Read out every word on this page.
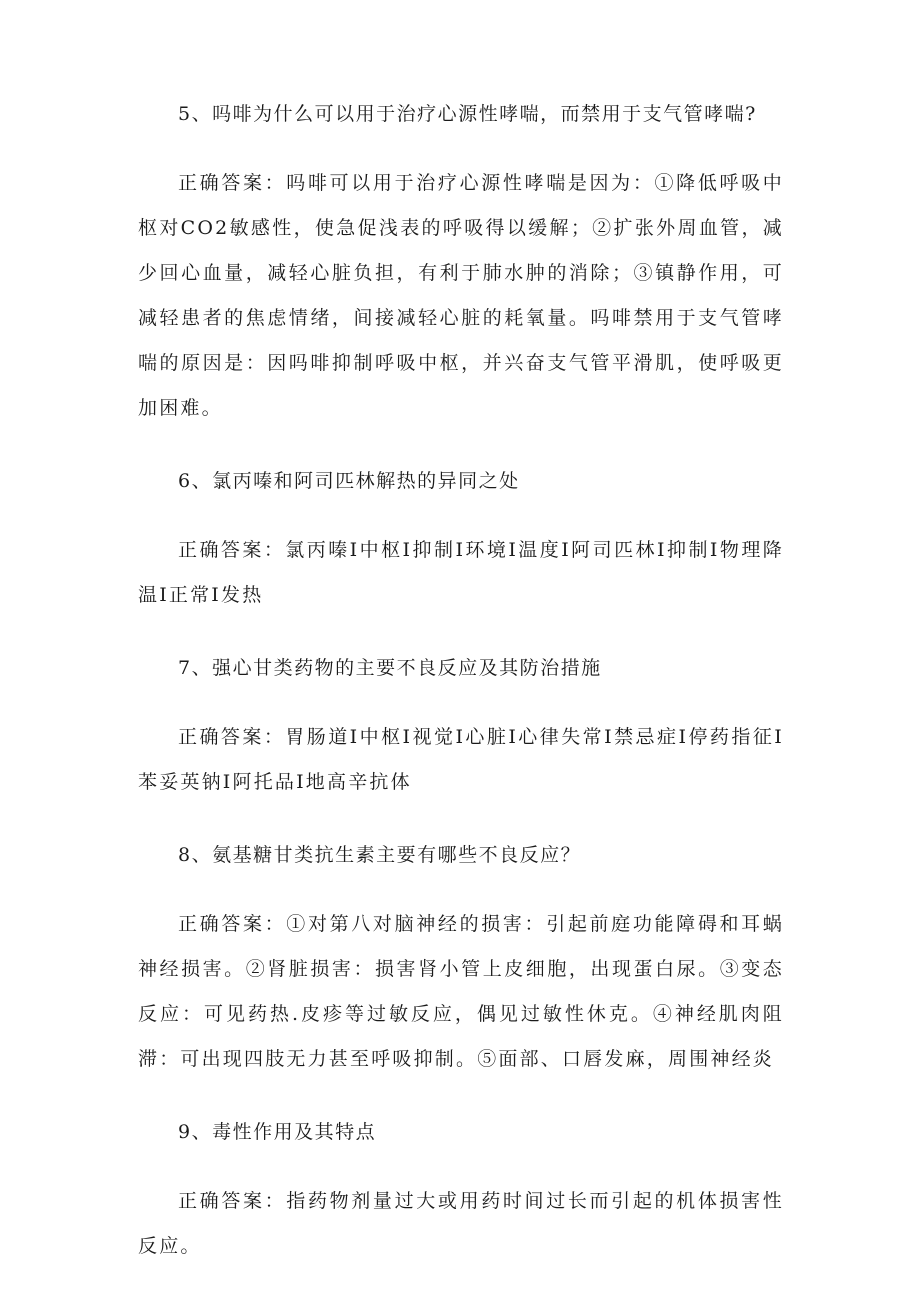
5、吗啡为什么可以用于治疗心源性哮喘，而禁用于支气管哮喘?

正确答案：吗啡可以用于治疗心源性哮喘是因为：①降低呼吸中枢对CO2敏感性，使急促浅表的呼吸得以缓解；②扩张外周血管，减少回心血量，减轻心脏负担，有利于肺水肿的消除；③镇静作用，可减轻患者的焦虑情绪，间接减轻心脏的耗氧量。吗啡禁用于支气管哮喘的原因是：因吗啡抑制呼吸中枢，并兴奋支气管平滑肌，使呼吸更加困难。

6、氯丙嗪和阿司匹林解热的异同之处

正确答案：氯丙嗪I中枢I抑制I环境I温度I阿司匹林I抑制I物理降温I正常I发热

7、强心甘类药物的主要不良反应及其防治措施

正确答案：胃肠道I中枢I视觉I心脏I心律失常I禁忌症I停药指征I苯妥英钠I阿托品I地高辛抗体

8、氨基糖甘类抗生素主要有哪些不良反应？

正确答案：①对第八对脑神经的损害：引起前庭功能障碍和耳蜗神经损害。②肾脏损害：损害肾小管上皮细胞，出现蛋白尿。③变态反应：可见药热.皮疹等过敏反应，偶见过敏性休克。④神经肌肉阻滞：可出现四肢无力甚至呼吸抑制。⑤面部、口唇发麻，周围神经炎

9、毒性作用及其特点

正确答案：指药物剂量过大或用药时间过长而引起的机体损害性反应。
